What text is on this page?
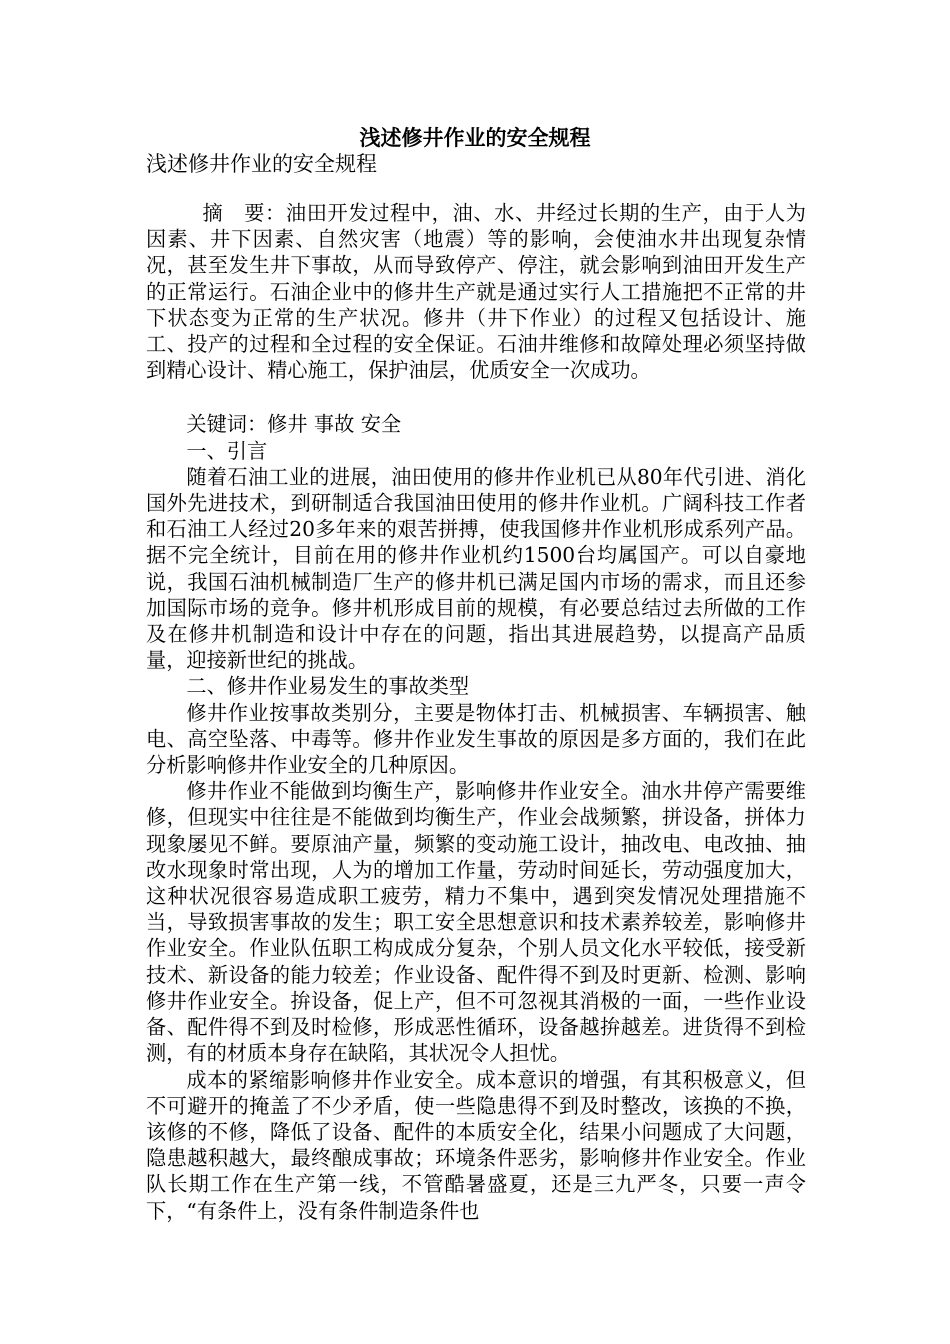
浅述修井作业的安全规程
浅述修井作业的安全规程

摘　要：油田开发过程中，油、水、井经过长期的生产，由于人为因素、井下因素、自然灾害（地震）等的影响，会使油水井出现复杂情况，甚至发生井下事故，从而导致停产、停注，就会影响到油田开发生产的正常运行。石油企业中的修井生产就是通过实行人工措施把不正常的井下状态变为正常的生产状况。修井（井下作业）的过程又包括设计、施工、投产的过程和全过程的安全保证。石油井维修和故障处理必须坚持做到精心设计、精心施工，保护油层，优质安全一次成功。

关键词：修井 事故 安全

一、引言

随着石油工业的进展，油田使用的修井作业机已从80年代引进、消化国外先进技术，到研制适合我国油田使用的修井作业机。广阔科技工作者和石油工人经过20多年来的艰苦拼搏，使我国修井作业机形成系列产品。据不完全统计，目前在用的修井作业机约1500台均属国产。可以自豪地说，我国石油机械制造厂生产的修井机已满足国内市场的需求，而且还参加国际市场的竞争。修井机形成目前的规模，有必要总结过去所做的工作及在修井机制造和设计中存在的问题，指出其进展趋势，以提高产品质量，迎接新世纪的挑战。

二、修井作业易发生的事故类型

修井作业按事故类别分，主要是物体打击、机械损害、车辆损害、触电、高空坠落、中毒等。修井作业发生事故的原因是多方面的，我们在此分析影响修井作业安全的几种原因。

修井作业不能做到均衡生产，影响修井作业安全。油水井停产需要维修，但现实中往往是不能做到均衡生产，作业会战频繁，拼设备，拼体力现象屡见不鲜。要原油产量，频繁的变动施工设计，抽改电、电改抽、抽改水现象时常出现，人为的增加工作量，劳动时间延长，劳动强度加大，这种状况很容易造成职工疲劳，精力不集中，遇到突发情况处理措施不当，导致损害事故的发生；职工安全思想意识和技术素养较差，影响修井作业安全。作业队伍职工构成成分复杂，个别人员文化水平较低，接受新技术、新设备的能力较差；作业设备、配件得不到及时更新、检测、影响修井作业安全。拚设备，促上产，但不可忽视其消极的一面，一些作业设备、配件得不到及时检修，形成恶性循环，设备越拚越差。进货得不到检测，有的材质本身存在缺陷，其状况令人担忧。

成本的紧缩影响修井作业安全。成本意识的增强，有其积极意义，但不可避开的掩盖了不少矛盾，使一些隐患得不到及时整改，该换的不换，该修的不修，降低了设备、配件的本质安全化，结果小问题成了大问题，隐患越积越大，最终酿成事故；环境条件恶劣，影响修井作业安全。作业队长期工作在生产第一线，不管酷暑盛夏，还是三九严冬，只要一声令下，“有条件上，没有条件制造条件也
